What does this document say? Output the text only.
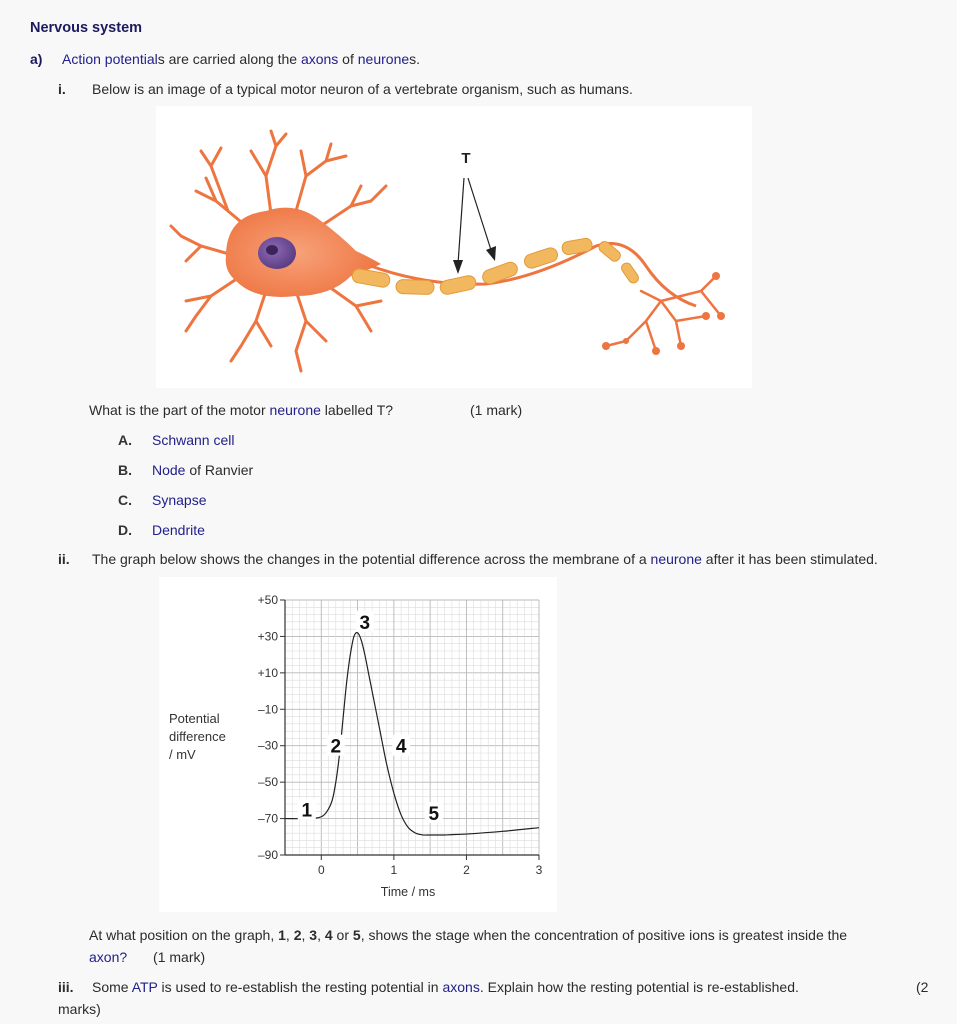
Nervous system
a) Action potentials are carried along the axons of neurones.
i. Below is an image of a typical motor neuron of a vertebrate organism, such as humans.
T
What is the part of the motor neurone labelled T?	(1 mark)
A. Schwann cell
B. Node of Ranvier
C. Synapse
D. Dendrite
ii. The graph below shows the changes in the potential difference across the membrane of a neurone after it has been stimulated.
+50
+30
+10
–10
–30
–50
–70
–90
0	1	2	3
1
2
3
4
5
Potential
difference
/ mV
Time / ms
At what position on the graph, 1, 2, 3, 4 or 5, shows the stage when the concentration of positive ions is greatest inside the
axon? (1 mark)
iii. Some ATP is used to re-establish the resting potential in axons. Explain how the resting potential is re-established.	(2
marks)
